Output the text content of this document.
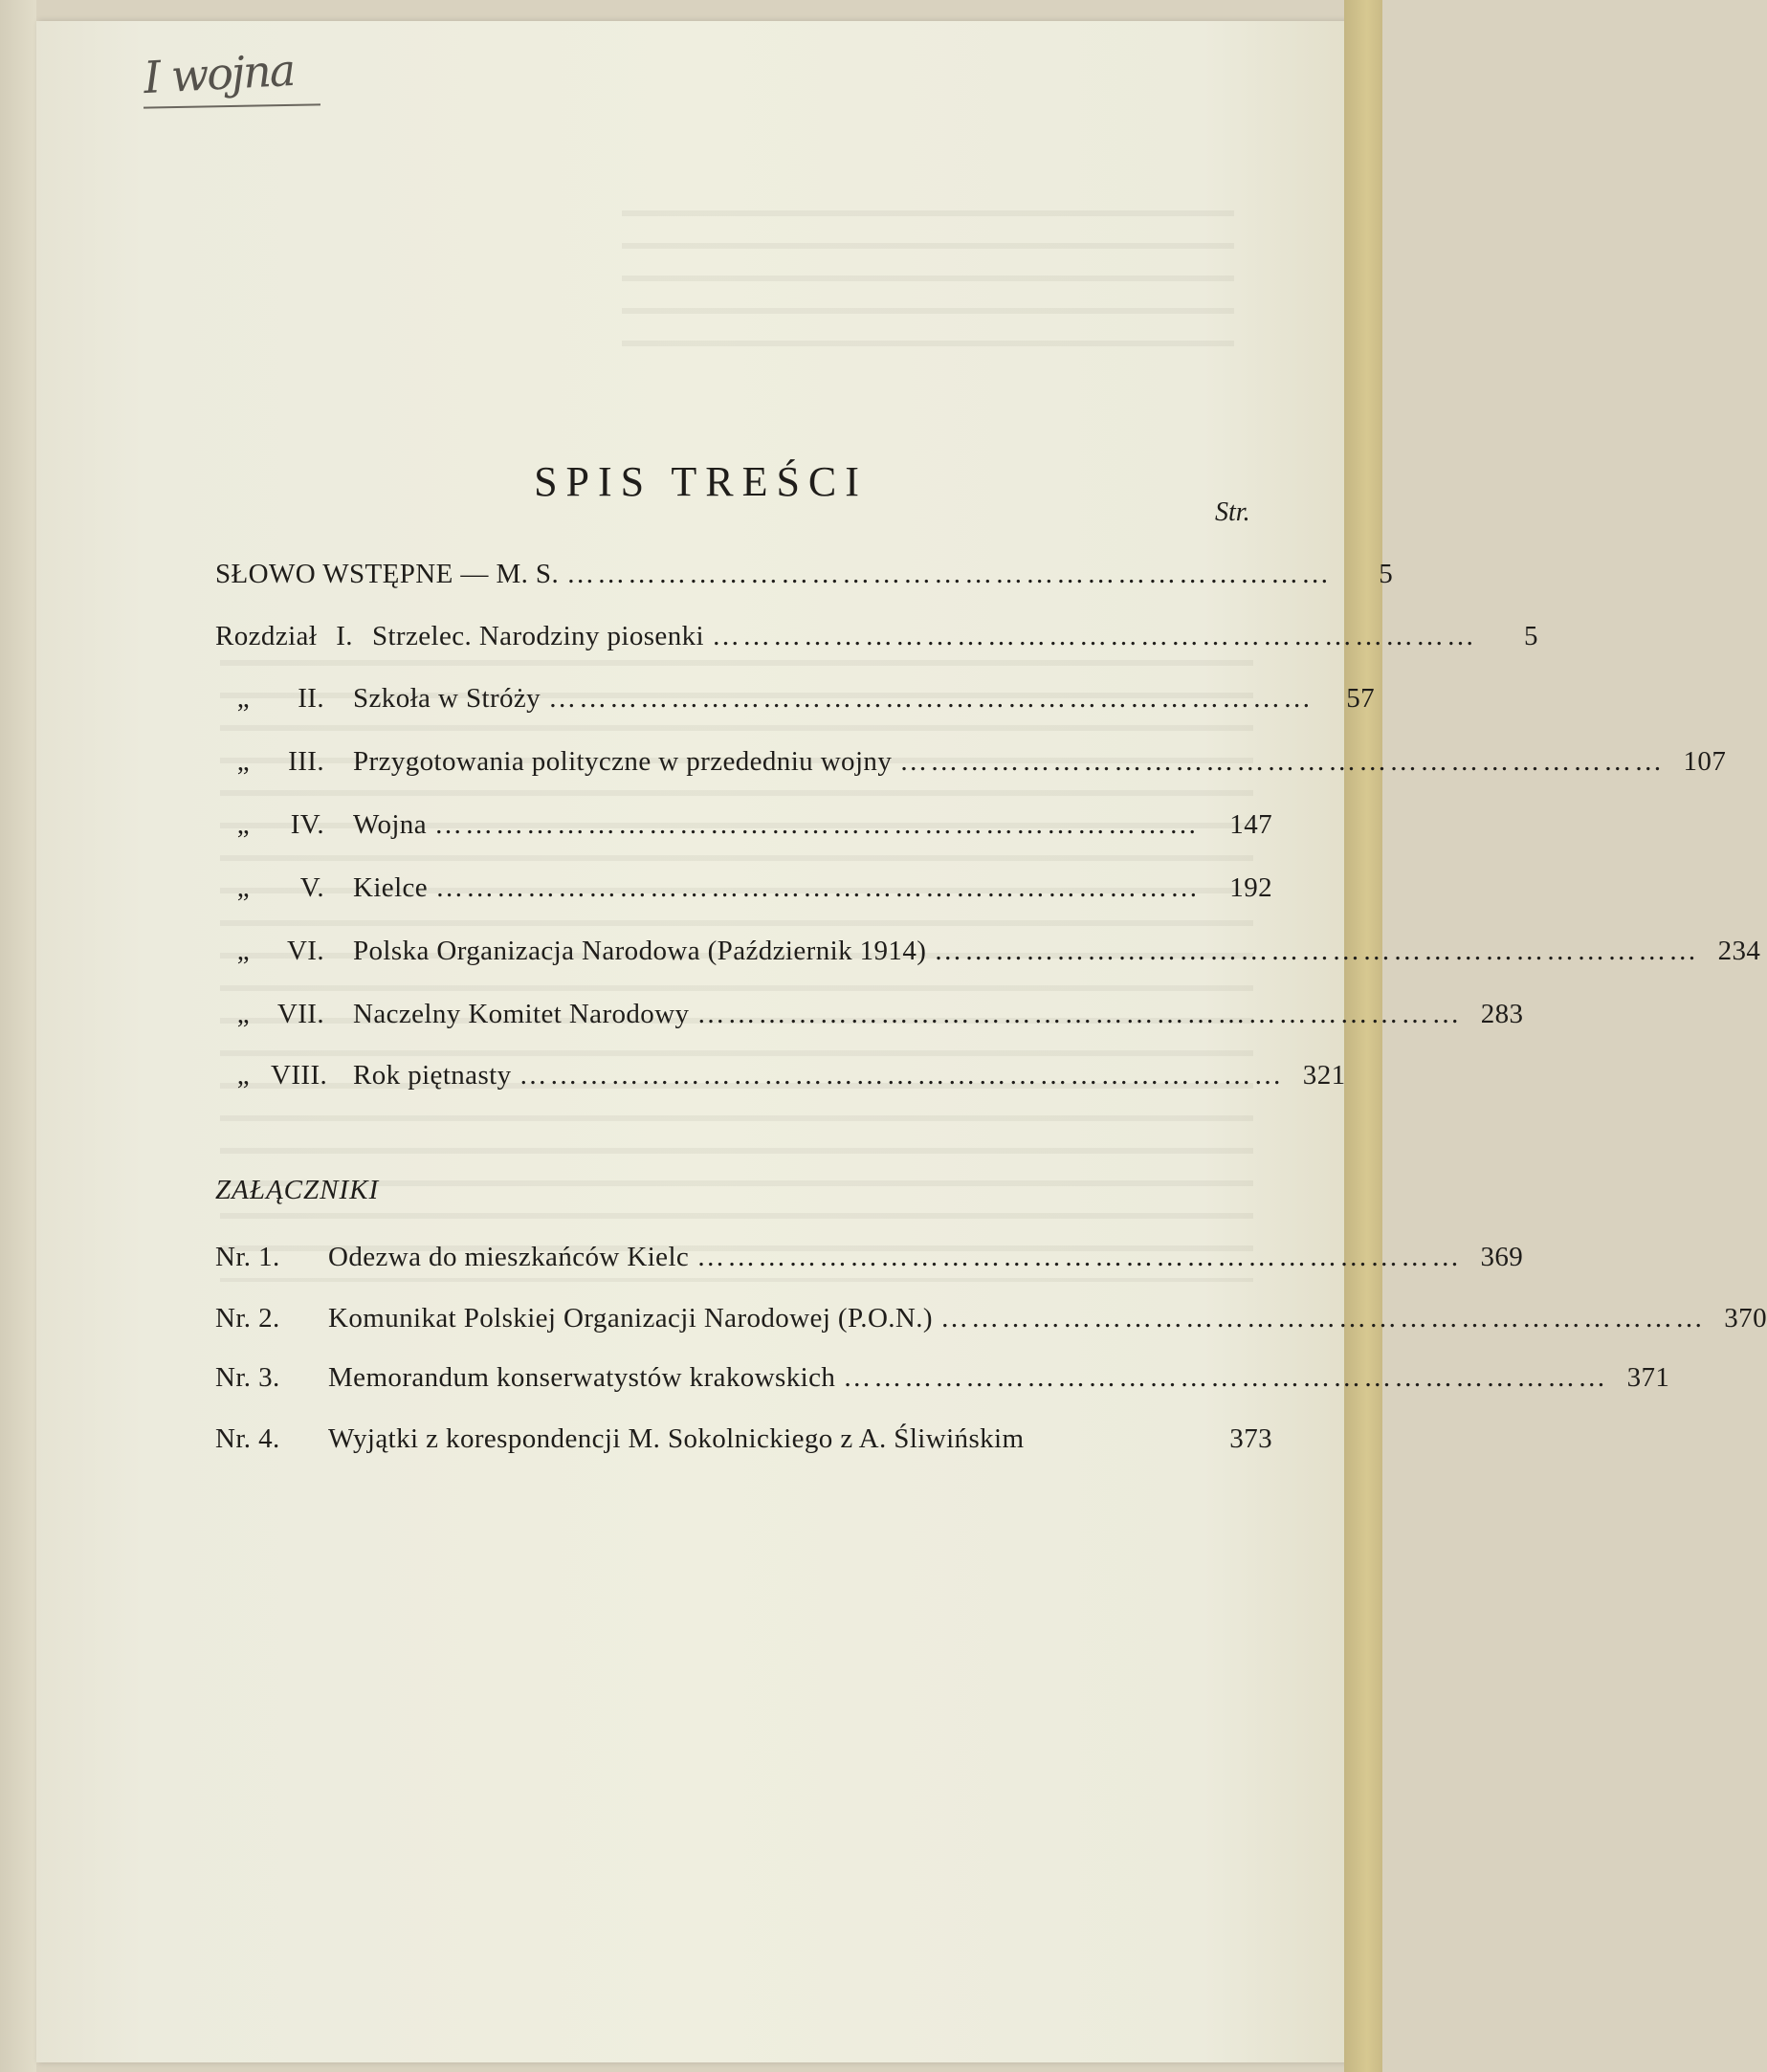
I wojna
SPIS TREŚCI
Str.
SŁOWO WSTĘPNE — M. S. …………………………………………………………………	5
Rozdział I. Strzelec. Narodziny piosenki …………………………………………………………………	5
„ II. Szkoła w Stróży …………………………………………………………………	57
„ III. Przygotowania polityczne w przededniu wojny ………………………………………………………………… 107
„ IV. Wojna …………………………………………………………………	147
„ V. Kielce …………………………………………………………………	192
„ VI. Polska Organizacja Narodowa (Październik 1914) ………………………………………………………………… 234
„ VII. Naczelny Komitet Narodowy ………………………………………………………………… 283
„ VIII. Rok piętnasty ………………………………………………………………… 321
ZAŁĄCZNIKI
Nr. 1. Odezwa do mieszkańców Kielc ………………………………………………………………… 369
Nr. 2. Komunikat Polskiej Organizacji Narodowej (P.O.N.) ………………………………………………………………… 370
Nr. 3. Memorandum konserwatystów krakowskich ………………………………………………………………… 371
Nr. 4. Wyjątki z korespondencji M. Sokolnickiego z A. Śliwińskim	373
